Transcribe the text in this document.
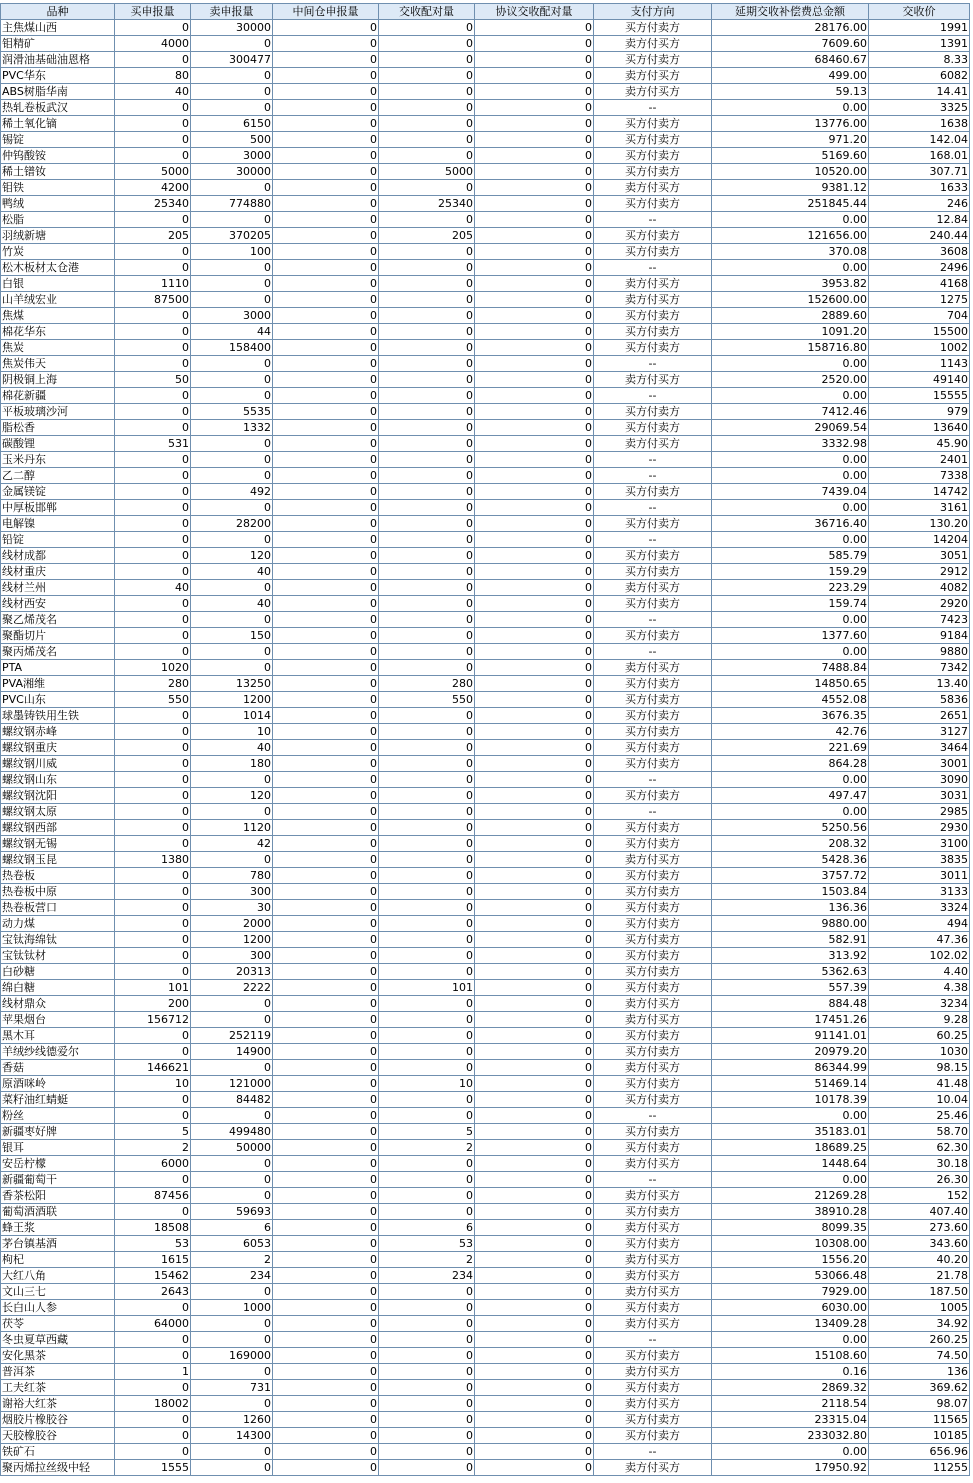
品种	买申报量	卖申报量	中间仓申报量	交收配对量	协议交收配对量	支付方向	延期交收补偿费总金额	交收价
主焦煤山西	0	30000	0	0	0	买方付卖方	28176.00	1991
钼精矿	4000	0	0	0	0	卖方付买方	7609.60	1391
润滑油基础油恩格	0	300477	0	0	0	买方付卖方	68460.67	8.33
PVC华东	80	0	0	0	0	卖方付买方	499.00	6082
ABS树脂华南	40	0	0	0	0	卖方付买方	59.13	14.41
热轧卷板武汉	0	0	0	0	0	--	0.00	3325
稀土氧化镝	0	6150	0	0	0	买方付卖方	13776.00	1638
锡锭	0	500	0	0	0	买方付卖方	971.20	142.04
仲钨酸铵	0	3000	0	0	0	买方付卖方	5169.60	168.01
稀土镨钕	5000	30000	0	5000	0	买方付卖方	10520.00	307.71
钼铁	4200	0	0	0	0	卖方付买方	9381.12	1633
鸭绒	25340	774880	0	25340	0	买方付卖方	251845.44	246
松脂	0	0	0	0	0	--	0.00	12.84
羽绒新塘	205	370205	0	205	0	买方付卖方	121656.00	240.44
竹炭	0	100	0	0	0	买方付卖方	370.08	3608
松木板材太仓港	0	0	0	0	0	--	0.00	2496
白银	1110	0	0	0	0	卖方付买方	3953.82	4168
山羊绒宏业	87500	0	0	0	0	卖方付买方	152600.00	1275
焦煤	0	3000	0	0	0	买方付卖方	2889.60	704
棉花华东	0	44	0	0	0	买方付卖方	1091.20	15500
焦炭	0	158400	0	0	0	买方付卖方	158716.80	1002
焦炭伟天	0	0	0	0	0	--	0.00	1143
阴极铜上海	50	0	0	0	0	卖方付买方	2520.00	49140
棉花新疆	0	0	0	0	0	--	0.00	15555
平板玻璃沙河	0	5535	0	0	0	买方付卖方	7412.46	979
脂松香	0	1332	0	0	0	买方付卖方	29069.54	13640
碳酸锂	531	0	0	0	0	卖方付买方	3332.98	45.90
玉米丹东	0	0	0	0	0	--	0.00	2401
乙二醇	0	0	0	0	0	--	0.00	7338
金属镁锭	0	492	0	0	0	买方付卖方	7439.04	14742
中厚板邯郸	0	0	0	0	0	--	0.00	3161
电解镍	0	28200	0	0	0	买方付卖方	36716.40	130.20
铅锭	0	0	0	0	0	--	0.00	14204
线材成都	0	120	0	0	0	买方付卖方	585.79	3051
线材重庆	0	40	0	0	0	买方付卖方	159.29	2912
线材兰州	40	0	0	0	0	卖方付买方	223.29	4082
线材西安	0	40	0	0	0	买方付卖方	159.74	2920
聚乙烯茂名	0	0	0	0	0	--	0.00	7423
聚酯切片	0	150	0	0	0	买方付卖方	1377.60	9184
聚丙烯茂名	0	0	0	0	0	--	0.00	9880
PTA	1020	0	0	0	0	卖方付买方	7488.84	7342
PVA湘维	280	13250	0	280	0	买方付卖方	14850.65	13.40
PVC山东	550	1200	0	550	0	买方付卖方	4552.08	5836
球墨铸铁用生铁	0	1014	0	0	0	买方付卖方	3676.35	2651
螺纹钢赤峰	0	10	0	0	0	买方付卖方	42.76	3127
螺纹钢重庆	0	40	0	0	0	买方付卖方	221.69	3464
螺纹钢川威	0	180	0	0	0	买方付卖方	864.28	3001
螺纹钢山东	0	0	0	0	0	--	0.00	3090
螺纹钢沈阳	0	120	0	0	0	买方付卖方	497.47	3031
螺纹钢太原	0	0	0	0	0	--	0.00	2985
螺纹钢西部	0	1120	0	0	0	买方付卖方	5250.56	2930
螺纹钢无锡	0	42	0	0	0	买方付卖方	208.32	3100
螺纹钢玉昆	1380	0	0	0	0	卖方付买方	5428.36	3835
热卷板	0	780	0	0	0	买方付卖方	3757.72	3011
热卷板中原	0	300	0	0	0	买方付卖方	1503.84	3133
热卷板营口	0	30	0	0	0	买方付卖方	136.36	3324
动力煤	0	2000	0	0	0	买方付卖方	9880.00	494
宝钛海绵钛	0	1200	0	0	0	买方付卖方	582.91	47.36
宝钛钛材	0	300	0	0	0	买方付卖方	313.92	102.02
白砂糖	0	20313	0	0	0	买方付卖方	5362.63	4.40
绵白糖	101	2222	0	101	0	买方付卖方	557.39	4.38
线材鼎众	200	0	0	0	0	卖方付买方	884.48	3234
苹果烟台	156712	0	0	0	0	卖方付买方	17451.26	9.28
黑木耳	0	252119	0	0	0	买方付卖方	91141.01	60.25
羊绒纱线德爱尔	0	14900	0	0	0	买方付卖方	20979.20	1030
香菇	146621	0	0	0	0	卖方付买方	86344.99	98.15
原酒咪岭	10	121000	0	10	0	买方付卖方	51469.14	41.48
菜籽油红蜻蜓	0	84482	0	0	0	买方付卖方	10178.39	10.04
粉丝	0	0	0	0	0	--	0.00	25.46
新疆枣好牌	5	499480	0	5	0	买方付卖方	35183.01	58.70
银耳	2	50000	0	2	0	买方付卖方	18689.25	62.30
安岳柠檬	6000	0	0	0	0	卖方付买方	1448.64	30.18
新疆葡萄干	0	0	0	0	0	--	0.00	26.30
香茶松阳	87456	0	0	0	0	卖方付买方	21269.28	152
葡萄酒酒联	0	59693	0	0	0	买方付卖方	38910.28	407.40
蜂王浆	18508	6	0	6	0	卖方付买方	8099.35	273.60
茅台镇基酒	53	6053	0	53	0	买方付卖方	10308.00	343.60
枸杞	1615	2	0	2	0	卖方付买方	1556.20	40.20
大红八角	15462	234	0	234	0	卖方付买方	53066.48	21.78
文山三七	2643	0	0	0	0	卖方付买方	7929.00	187.50
长白山人参	0	1000	0	0	0	买方付卖方	6030.00	1005
茯苓	64000	0	0	0	0	卖方付买方	13409.28	34.92
冬虫夏草西藏	0	0	0	0	0	--	0.00	260.25
安化黑茶	0	169000	0	0	0	买方付卖方	15108.60	74.50
普洱茶	1	0	0	0	0	卖方付买方	0.16	136
工夫红茶	0	731	0	0	0	买方付卖方	2869.32	369.62
谢裕大红茶	18002	0	0	0	0	卖方付买方	2118.54	98.07
烟胶片橡胶谷	0	1260	0	0	0	买方付卖方	23315.04	11565
天胶橡胶谷	0	14300	0	0	0	买方付卖方	233032.80	10185
铁矿石	0	0	0	0	0	--	0.00	656.96
聚丙烯拉丝级中轻	1555	0	0	0	0	卖方付买方	17950.92	11255
